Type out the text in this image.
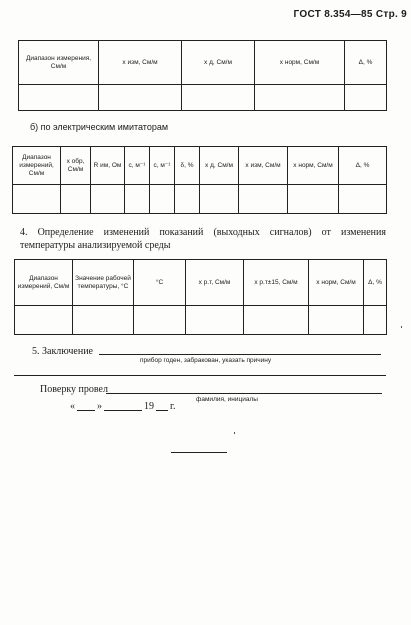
ГОСТ 8.354—85 Стр. 9
Диапазон измерения, См/м	x изм, См/м	x д, См/м	x норм, См/м	Δ, %

б) по электрическим имитаторам
Диапазон измерений, См/м	x обр, См/м	R им, Ом	с, м⁻¹	с, м⁻¹	δ, %	x д, См/м	x изм, См/м	x норм, См/м	Δ, %

4. Определение изменений показаний (выходных сигналов) от изменения температуры анализируемой среды
Диапазон измерений, См/м	Значение рабочей температуры, °С	°С	x р.т, См/м	x р.т±15, См/м	x норм, См/м	Δ, %

5. Заключение
прибор годен, забракован, указать причину
Поверку провел
фамилия, инициалы
« »	19 г.
